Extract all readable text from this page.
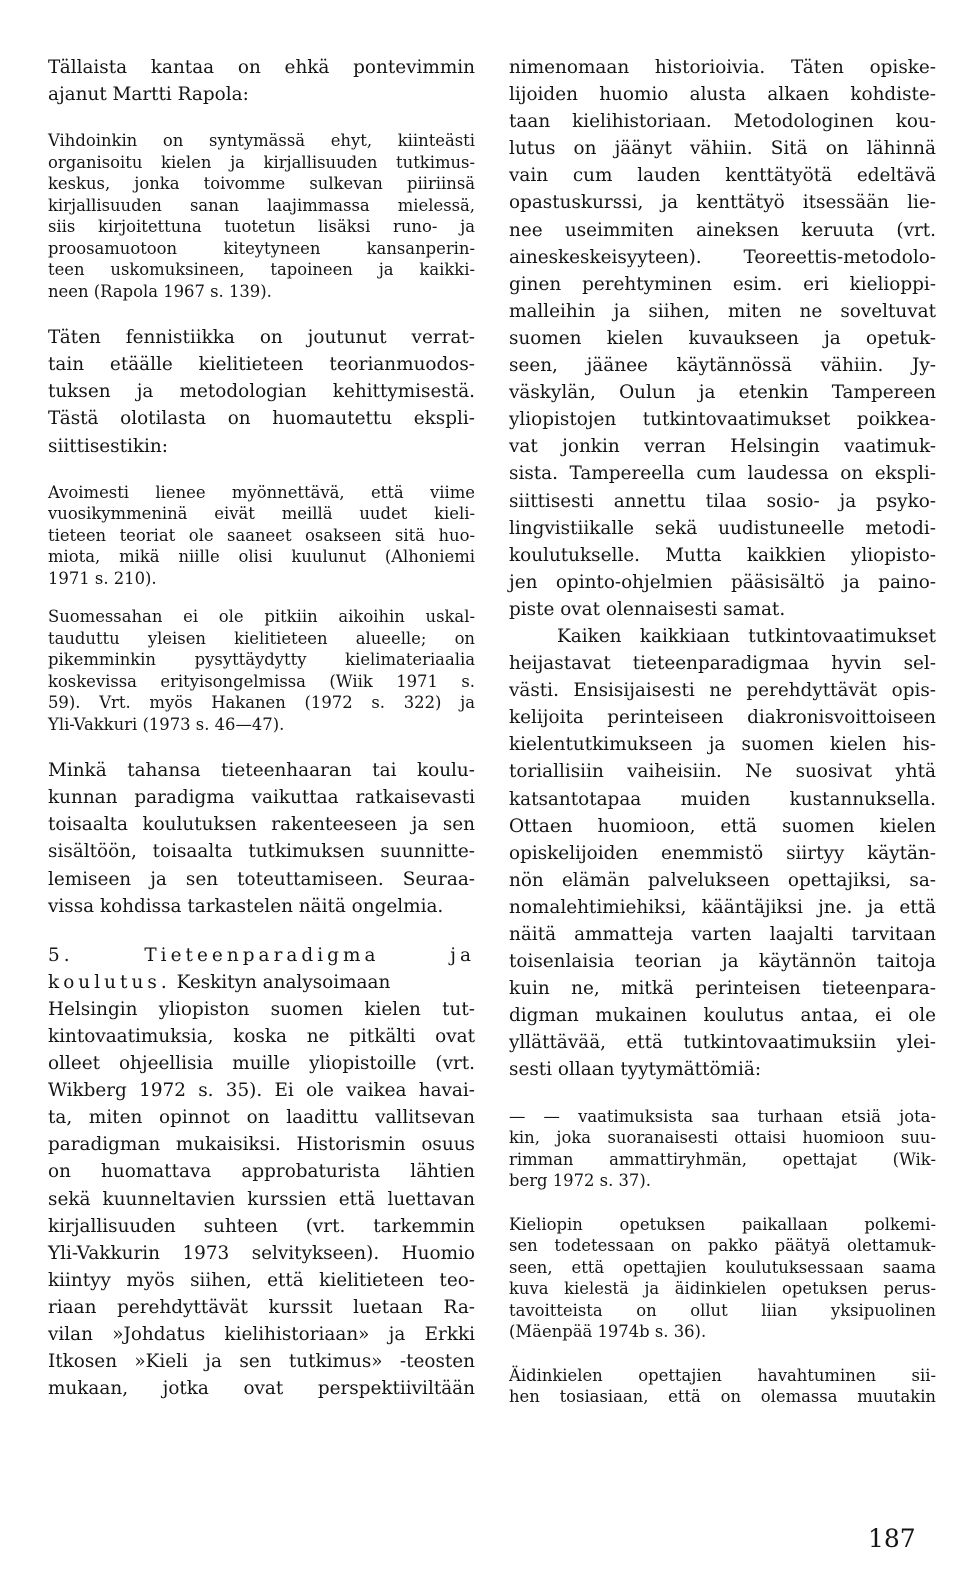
Tällaista kantaa on ehkä pontevimmin
ajanut Martti Rapola:
Vihdoinkin on syntymässä ehyt, kiinteästi
organisoitu kielen ja kirjallisuuden tutkimus-
keskus, jonka toivomme sulkevan piiriinsä
kirjallisuuden sanan laajimmassa mielessä,
siis kirjoitettuna tuotetun lisäksi runo- ja
proosamuotoon kiteytyneen kansanperin-
teen uskomuksineen, tapoineen ja kaikki-
neen (Rapola 1967 s. 139).
Täten fennistiikka on joutunut verrat-
tain etäälle kielitieteen teorianmuodos-
tuksen ja metodologian kehittymisestä.
Tästä olotilasta on huomautettu ekspli-
siittisestikin:
Avoimesti lienee myönnettävä, että viime
vuosikymmeninä eivät meillä uudet kieli-
tieteen teoriat ole saaneet osakseen sitä huo-
miota, mikä niille olisi kuulunut (Alhoniemi
1971 s. 210).
Suomessahan ei ole pitkiin aikoihin uskal-
tauduttu yleisen kielitieteen alueelle; on
pikemminkin pysyttäydytty kielimateriaalia
koskevissa erityisongelmissa (Wiik 1971 s.
59). Vrt. myös Hakanen (1972 s. 322) ja
Yli-Vakkuri (1973 s. 46—47).
Minkä tahansa tieteenhaaran tai koulu-
kunnan paradigma vaikuttaa ratkaisevasti
toisaalta koulutuksen rakenteeseen ja sen
sisältöön, toisaalta tutkimuksen suunnitte-
lemiseen ja sen toteuttamiseen. Seuraa-
vissa kohdissa tarkastelen näitä ongelmia.
5. Tieteenparadigma ja
koulutus. Keskityn analysoimaan
Helsingin yliopiston suomen kielen tut-
kintovaatimuksia, koska ne pitkälti ovat
olleet ohjeellisia muille yliopistoille (vrt.
Wikberg 1972 s. 35). Ei ole vaikea havai-
ta, miten opinnot on laadittu vallitsevan
paradigman mukaisiksi. Historismin osuus
on huomattava approbaturista lähtien
sekä kuunneltavien kurssien että luettavan
kirjallisuuden suhteen (vrt. tarkemmin
Yli-Vakkurin 1973 selvitykseen). Huomio
kiintyy myös siihen, että kielitieteen teo-
riaan perehdyttävät kurssit luetaan Ra-
vilan »Johdatus kielihistoriaan» ja Erkki
Itkosen »Kieli ja sen tutkimus» -teosten
mukaan, jotka ovat perspektiiviltään
nimenomaan historioivia. Täten opiske-
lijoiden huomio alusta alkaen kohdiste-
taan kielihistoriaan. Metodologinen kou-
lutus on jäänyt vähiin. Sitä on lähinnä
vain cum lauden kenttätyötä edeltävä
opastuskurssi, ja kenttätyö itsessään lie-
nee useimmiten aineksen keruuta (vrt.
aineskeskeisyyteen). Teoreettis-metodolo-
ginen perehtyminen esim. eri kielioppi-
malleihin ja siihen, miten ne soveltuvat
suomen kielen kuvaukseen ja opetuk-
seen, jäänee käytännössä vähiin. Jy-
väskylän, Oulun ja etenkin Tampereen
yliopistojen tutkintovaatimukset poikkea-
vat jonkin verran Helsingin vaatimuk-
sista. Tampereella cum laudessa on ekspli-
siittisesti annettu tilaa sosio- ja psyko-
lingvistiikalle sekä uudistuneelle metodi-
koulutukselle. Mutta kaikkien yliopisto-
jen opinto-ohjelmien pääsisältö ja paino-
piste ovat olennaisesti samat.
Kaiken kaikkiaan tutkintovaatimukset
heijastavat tieteenparadigmaa hyvin sel-
västi. Ensisijaisesti ne perehdyttävät opis-
kelijoita perinteiseen diakronisvoittoiseen
kielentutkimukseen ja suomen kielen his-
toriallisiin vaiheisiin. Ne suosivat yhtä
katsantotapaa muiden kustannuksella.
Ottaen huomioon, että suomen kielen
opiskelijoiden enemmistö siirtyy käytän-
nön elämän palvelukseen opettajiksi, sa-
nomalehtimiehiksi, kääntäjiksi jne. ja että
näitä ammatteja varten laajalti tarvitaan
toisenlaisia teorian ja käytännön taitoja
kuin ne, mitkä perinteisen tieteenpara-
digman mukainen koulutus antaa, ei ole
yllättävää, että tutkintovaatimuksiin ylei-
sesti ollaan tyytymättömiä:
— — vaatimuksista saa turhaan etsiä jota-
kin, joka suoranaisesti ottaisi huomioon suu-
rimman ammattiryhmän, opettajat (Wik-
berg 1972 s. 37).
Kieliopin opetuksen paikallaan polkemi-
sen todetessaan on pakko päätyä olettamuk-
seen, että opettajien koulutuksessaan saama
kuva kielestä ja äidinkielen opetuksen perus-
tavoitteista on ollut liian yksipuolinen
(Mäenpää 1974b s. 36).
Äidinkielen opettajien havahtuminen sii-
hen tosiasiaan, että on olemassa muutakin
187
